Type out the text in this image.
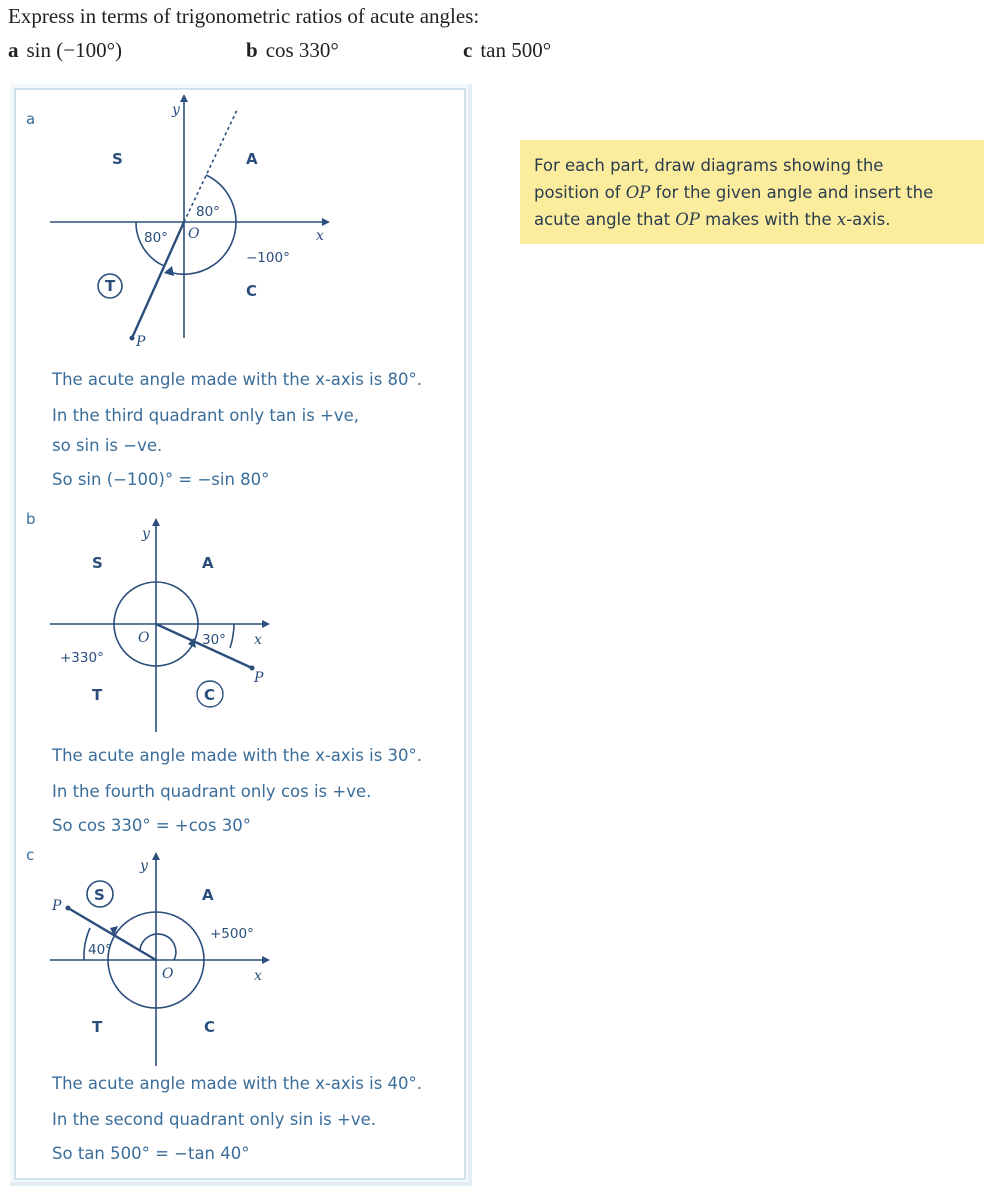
Express in terms of trigonometric ratios of acute angles:
a sin (−100°)	b cos 330°	c tan 500°
For each part, draw diagrams showing the
position of OP for the given angle and insert the
acute angle that OP makes with the x-axis.
a
S	A
T	C
x
y
O
P
80°
80°
−100°
The acute angle made with the x-axis is 80°.
In the third quadrant only tan is +ve,
so sin is −ve.
So sin (−100)° = −sin 80°
b
S	A
T	C
x
y
O
P
30°
+330°
The acute angle made with the x-axis is 30°.
In the fourth quadrant only cos is +ve.
So cos 330° = +cos 30°
c
S	A
T	C
x
y
O
P
40°
+500°
The acute angle made with the x-axis is 40°.
In the second quadrant only sin is +ve.
So tan 500° = −tan 40°
